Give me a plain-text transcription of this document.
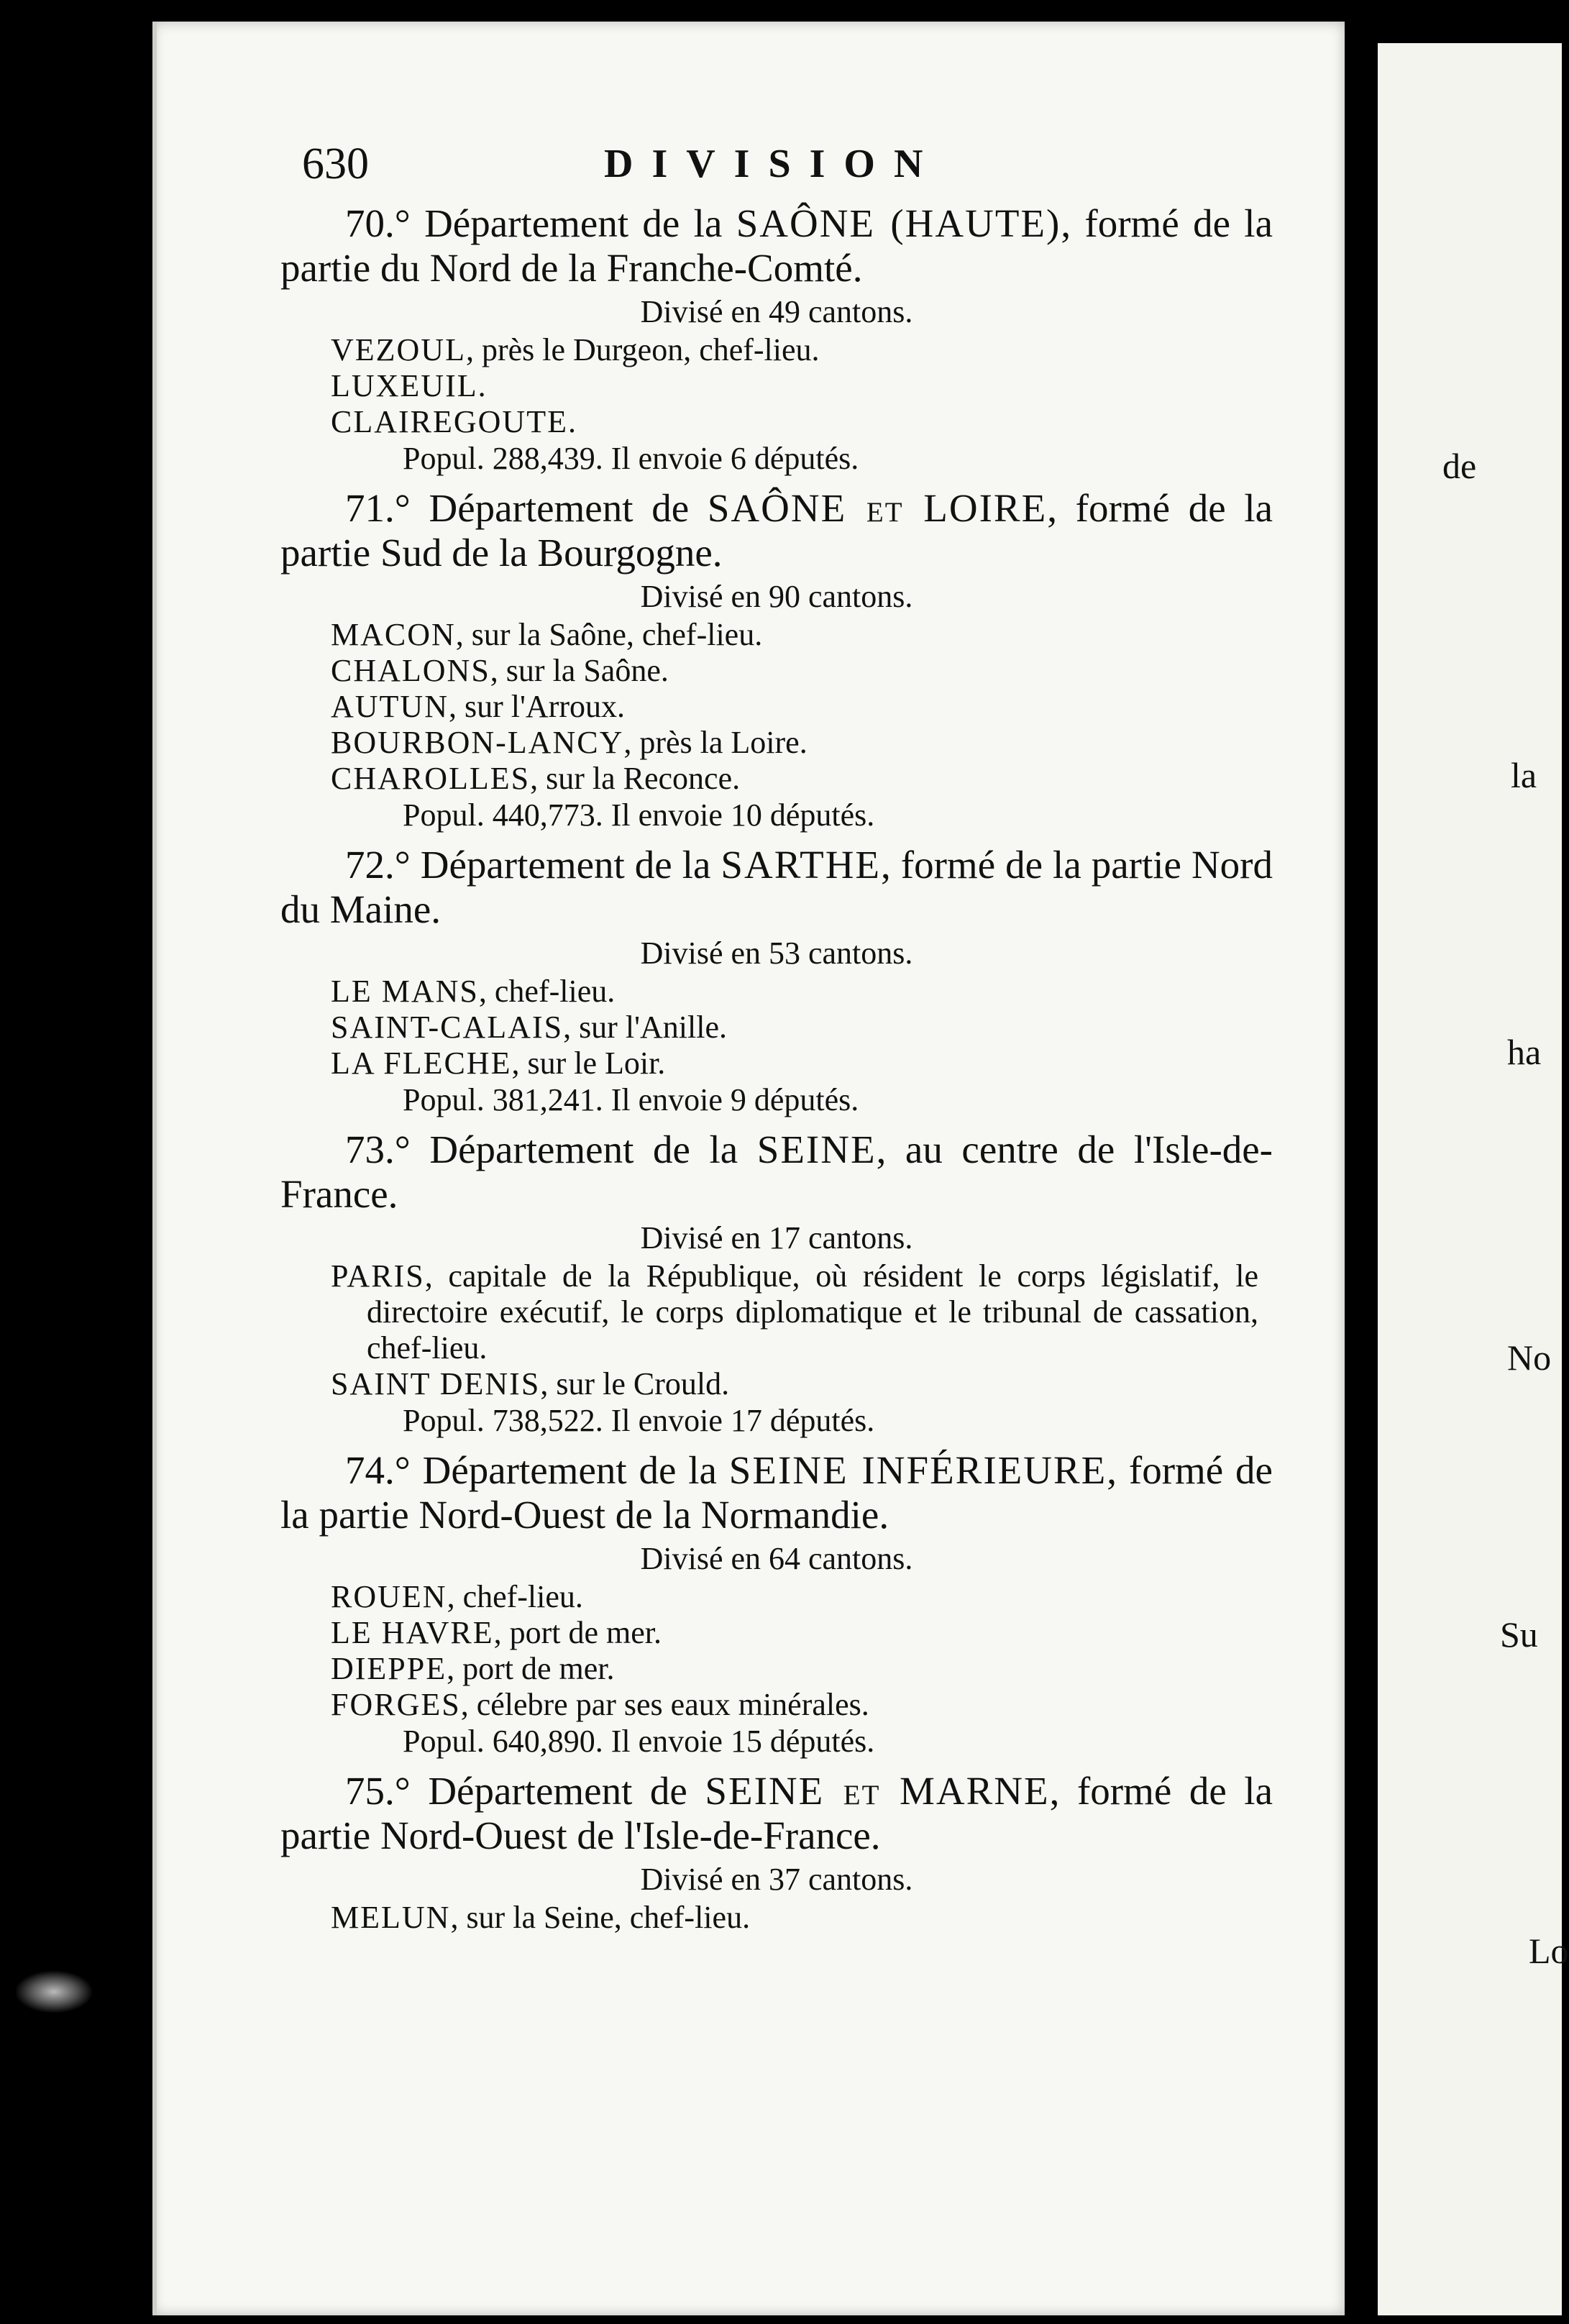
de
la
ha
No
Su
Lo
630	DIVISION

70.° Département de la SAÔNE (HAUTE), formé de la partie du Nord de la Franche-Comté.

Divisé en 49 cantons.
VEZOUL, près le Durgeon, chef-lieu.
LUXEUIL.
CLAIREGOUTE.
Popul. 288,439. Il envoie 6 députés.

71.° Département de SAÔNE et LOIRE, formé de la partie Sud de la Bourgogne.

Divisé en 90 cantons.
MACON, sur la Saône, chef-lieu.
CHALONS, sur la Saône.
AUTUN, sur l'Arroux.
BOURBON-LANCY, près la Loire.
CHAROLLES, sur la Reconce.
Popul. 440,773. Il envoie 10 députés.

72.° Département de la SARTHE, formé de la partie Nord du Maine.

Divisé en 53 cantons.
LE MANS, chef-lieu.
SAINT-CALAIS, sur l'Anille.
LA FLECHE, sur le Loir.
Popul. 381,241. Il envoie 9 députés.

73.° Département de la SEINE, au centre de l'Isle-de-France.

Divisé en 17 cantons.
PARIS, capitale de la République, où résident le corps législatif, le directoire exécutif, le corps diplomatique et le tribunal de cassation, chef-lieu.
SAINT DENIS, sur le Crould.
Popul. 738,522. Il envoie 17 députés.

74.° Département de la SEINE INFÉRIEURE, formé de la partie Nord-Ouest de la Normandie.

Divisé en 64 cantons.
ROUEN, chef-lieu.
LE HAVRE, port de mer.
DIEPPE, port de mer.
FORGES, célebre par ses eaux minérales.
Popul. 640,890. Il envoie 15 députés.

75.° Département de SEINE et MARNE, formé de la partie Nord-Ouest de l'Isle-de-France.

Divisé en 37 cantons.
MELUN, sur la Seine, chef-lieu.
